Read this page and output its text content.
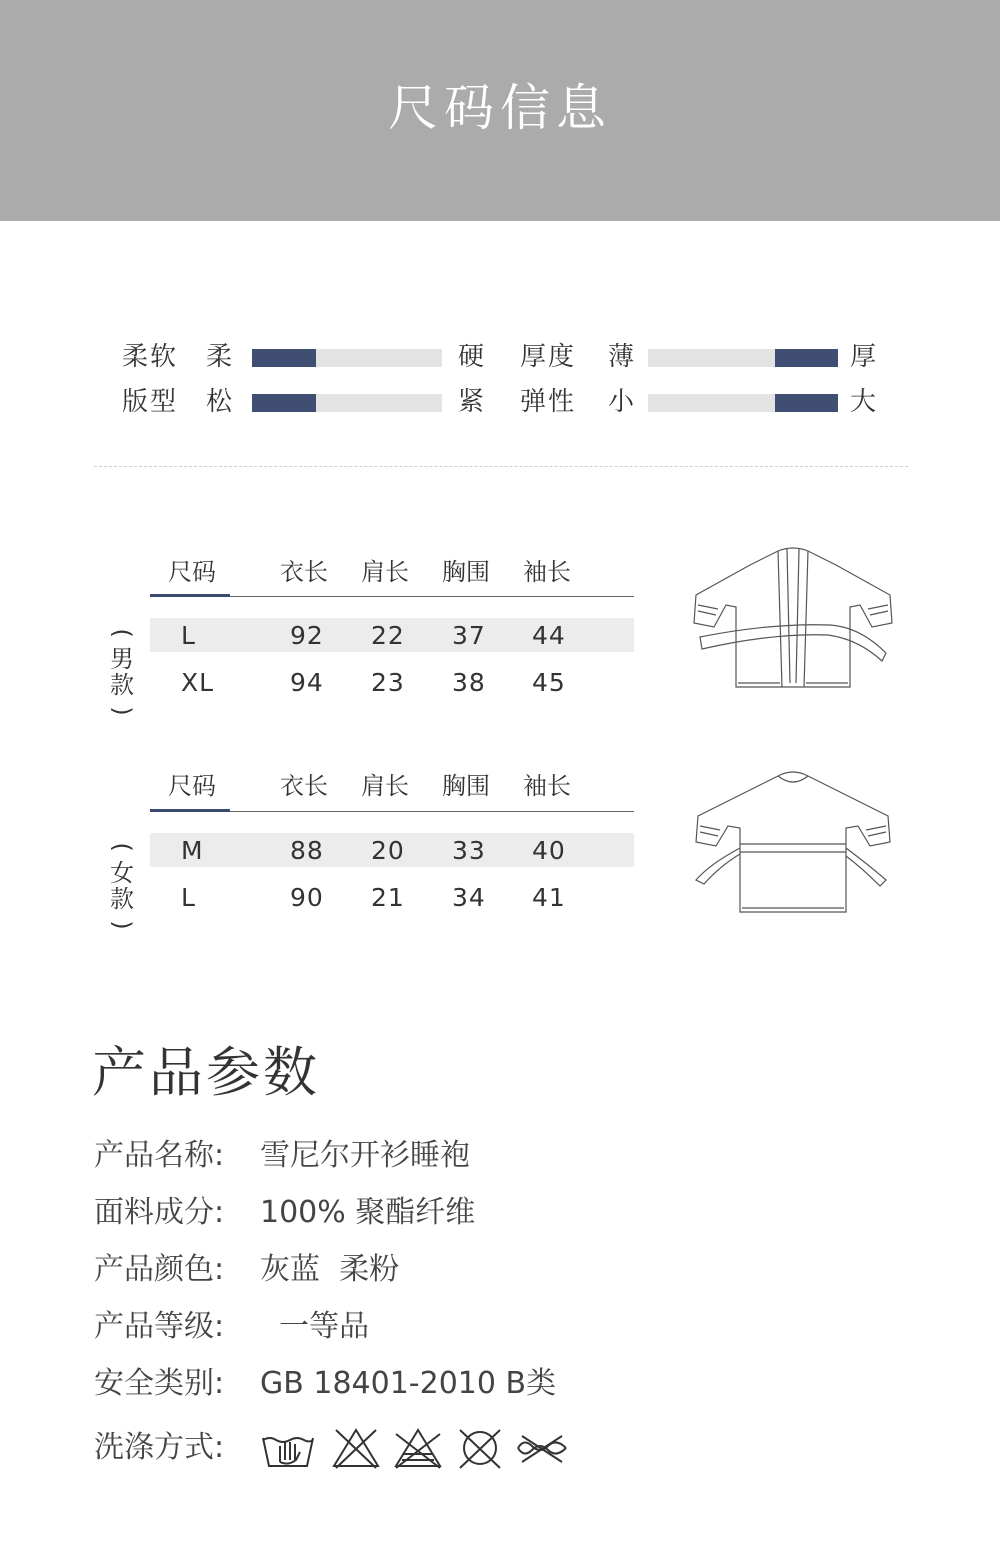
尺码信息
柔软 柔	硬 厚度 薄	厚
版型 松	紧 弹性 小	大
(
男
款
)
尺码	衣长 肩长 胸围 袖长
L	92 22 37 44
XL	94 23 38 45
(
女
款
)
尺码	衣长 肩长 胸围 袖长
M	88 20 33 40
L	90 21 34 41
产品参数
产品名称: 雪尼尔开衫睡袍
面料成分: 100% 聚酯纤维
产品颜色: 灰蓝  柔粉
产品等级:  一等品
安全类别: GB 18401-2010 B类
洗涤方式:
